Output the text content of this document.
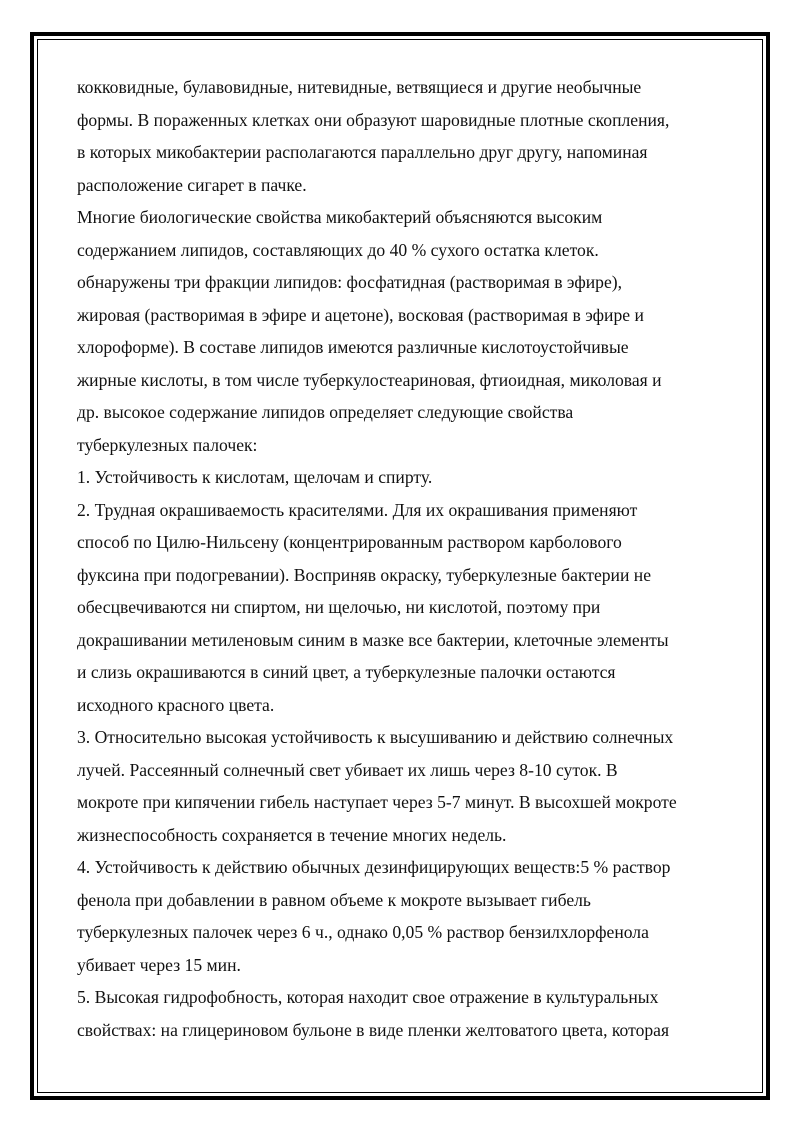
кокковидные, булавовидные, нитевидные, ветвящиеся и другие необычные
формы. В пораженных клетках они образуют шаровидные плотные скопления,
в которых микобактерии располагаются параллельно друг другу, напоминая
расположение сигарет в пачке.
Многие биологические свойства микобактерий объясняются высоким
содержанием липидов, составляющих до 40 % сухого остатка клеток.
обнаружены три фракции липидов: фосфатидная (растворимая в эфире),
жировая (растворимая в эфире и ацетоне), восковая (растворимая в эфире и
хлороформе). В составе липидов имеются различные кислотоустойчивые
жирные кислоты, в том числе туберкулостеариновая, фтиоидная, миколовая и
др. высокое содержание липидов определяет следующие свойства
туберкулезных палочек:
1. Устойчивость к кислотам, щелочам и спирту.
2. Трудная окрашиваемость красителями. Для их окрашивания применяют
способ по Цилю-Нильсену (концентрированным раствором карболового
фуксина при подогревании). Восприняв окраску, туберкулезные бактерии не
обесцвечиваются ни спиртом, ни щелочью, ни кислотой, поэтому при
докрашивании метиленовым синим в мазке все бактерии, клеточные элементы
и слизь окрашиваются в синий цвет, а туберкулезные палочки остаются
исходного красного цвета.
3. Относительно высокая устойчивость к высушиванию и действию солнечных
лучей. Рассеянный солнечный свет убивает их лишь через 8-10 суток. В
мокроте при кипячении гибель наступает через 5-7 минут. В высохшей мокроте
жизнеспособность сохраняется в течение многих недель.
4. Устойчивость к действию обычных дезинфицирующих веществ:5 % раствор
фенола при добавлении в равном объеме к мокроте вызывает гибель
туберкулезных палочек через 6 ч., однако 0,05 % раствор бензилхлорфенола
убивает через 15 мин.
5. Высокая гидрофобность, которая находит свое отражение в культуральных
свойствах: на глицериновом бульоне в виде пленки желтоватого цвета, которая
